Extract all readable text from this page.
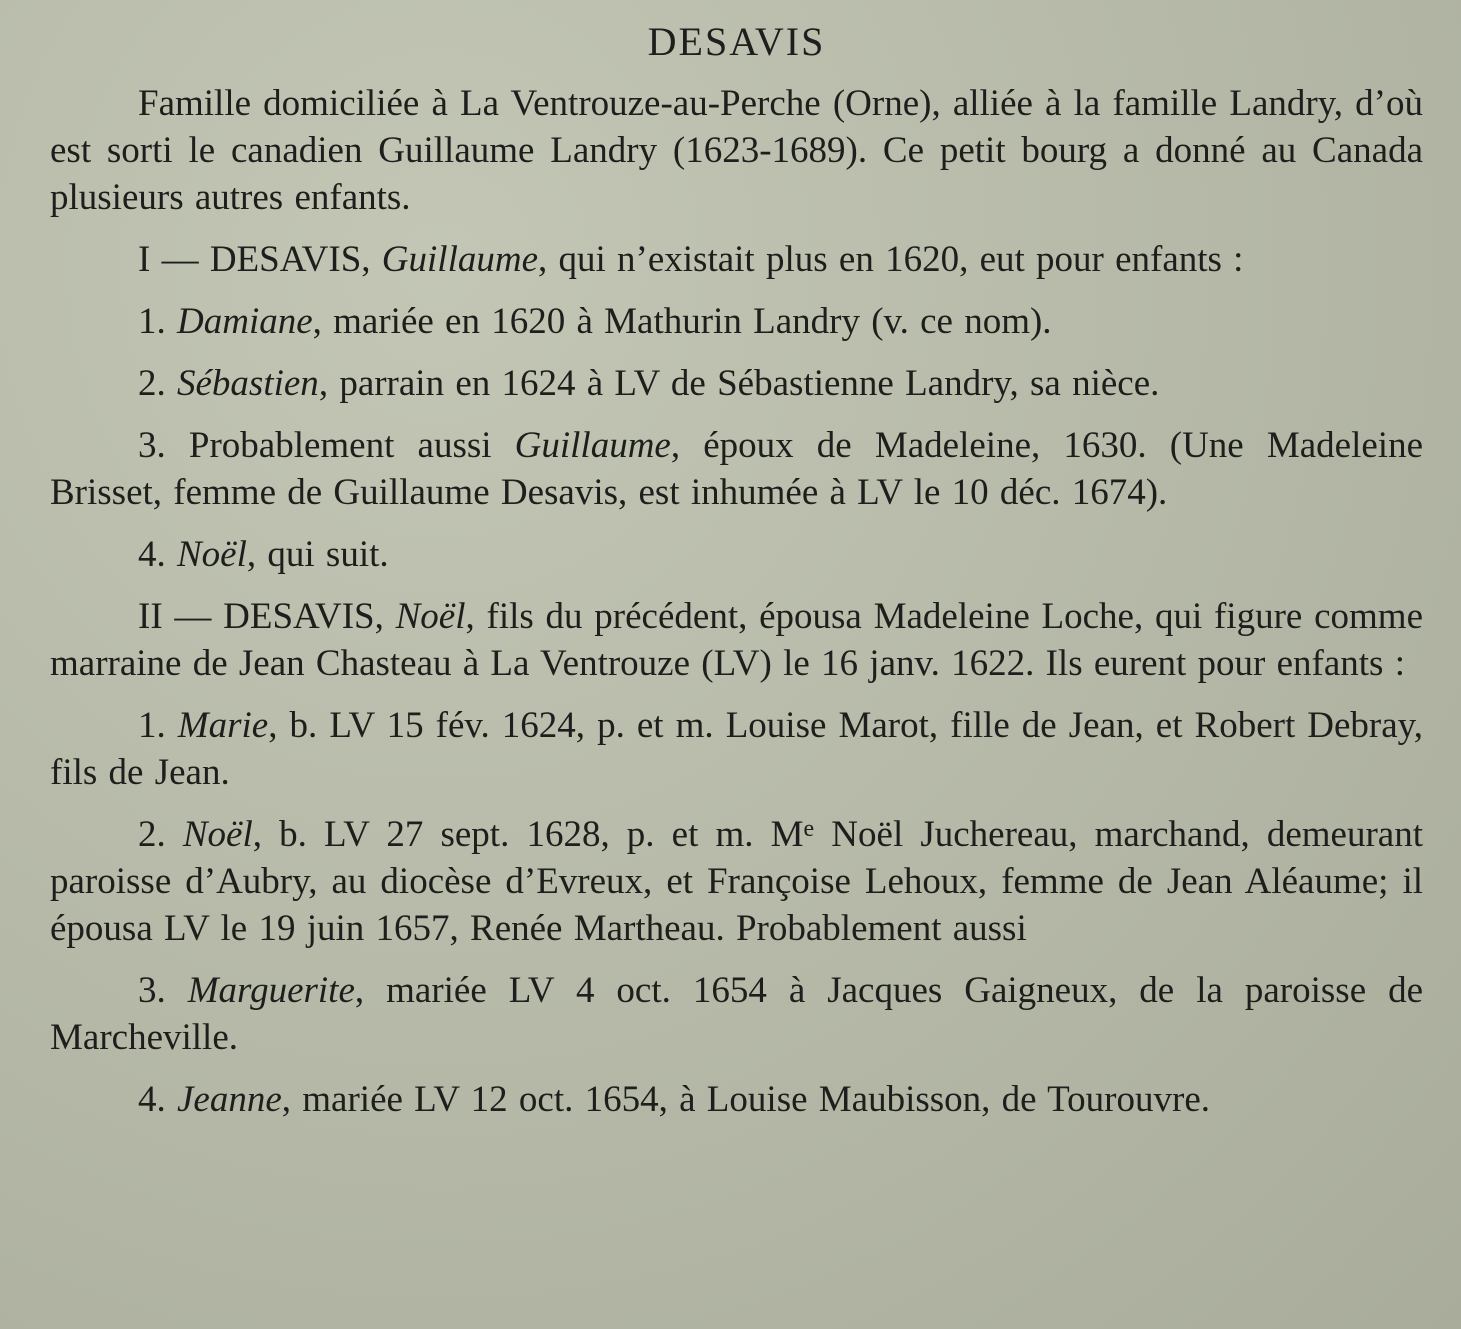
DESAVIS

Famille domiciliée à La Ventrouze-au-Perche (Orne), alliée à la famille Landry, d’où est sorti le canadien Guillaume Landry (1623-1689). Ce petit bourg a donné au Canada plusieurs autres enfants.

I — DESAVIS, Guillaume, qui n’existait plus en 1620, eut pour enfants :

1. Damiane, mariée en 1620 à Mathurin Landry (v. ce nom).

2. Sébastien, parrain en 1624 à LV de Sébastienne Landry, sa nièce.

3. Probablement aussi Guillaume, époux de Madeleine, 1630. (Une Madeleine Brisset, femme de Guillaume Desavis, est inhumée à LV le 10 déc. 1674).

4. Noël, qui suit.

II — DESAVIS, Noël, fils du précédent, épousa Madeleine Loche, qui figure comme marraine de Jean Chasteau à La Ventrouze (LV) le 16 janv. 1622. Ils eurent pour enfants :

1. Marie, b. LV 15 fév. 1624, p. et m. Louise Marot, fille de Jean, et Robert Debray, fils de Jean.

2. Noël, b. LV 27 sept. 1628, p. et m. Me Noël Juchereau, marchand, demeurant paroisse d’Aubry, au diocèse d’Evreux, et Françoise Lehoux, femme de Jean Aléaume; il épousa LV le 19 juin 1657, Renée Martheau. Probablement aussi

3. Marguerite, mariée LV 4 oct. 1654 à Jacques Gaigneux, de la paroisse de Marcheville.

4. Jeanne, mariée LV 12 oct. 1654, à Louise Maubisson, de Tourouvre.
